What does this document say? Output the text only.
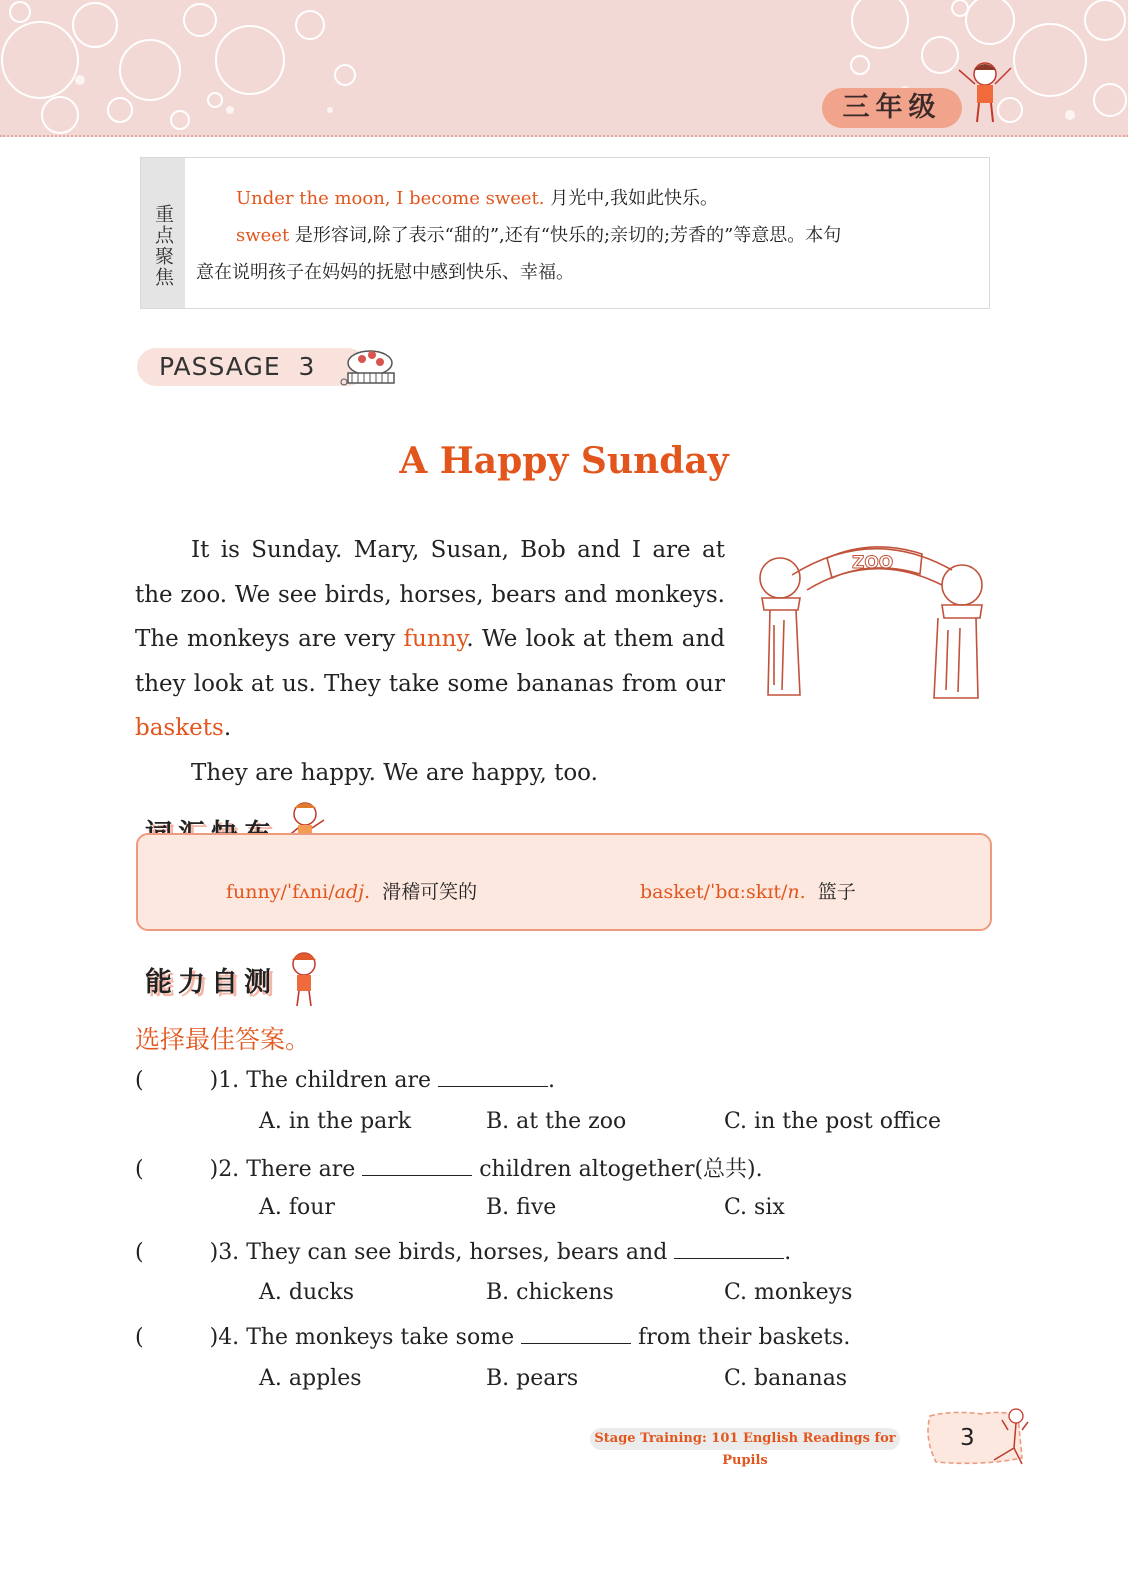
三年级
重点聚焦
Under the moon, I become sweet. 月光中,我如此快乐。
sweet 是形容词,除了表示“甜的”,还有“快乐的;亲切的;芳香的”等意思。本句
意在说明孩子在妈妈的抚慰中感到快乐、幸福。
PASSAGE 3
A Happy Sunday

It is Sunday. Mary, Susan, Bob and I are at the zoo. We see birds, horses, bears and monkeys. The monkeys are very funny. We look at them and they look at us. They take some bananas from our baskets.

They are happy. We are happy, too.

ZOO
funny/ˈfʌni/adj. 滑稽可笑的	basket/ˈbɑːskɪt/n. 篮子
能力自测
选择最佳答案。
(	)1. The children are	.
A. in the park	B. at the zoo	C. in the post office
(	)2. There are	children altogether(总共).
A. four	B. five	C. six
(	)3. They can see birds, horses, bears and	.
A. ducks	B. chickens	C. monkeys
(	)4. The monkeys take some	from their baskets.
A. apples	B. pears	C. bananas
Stage Training: 101 English Readings for Pupils
3
